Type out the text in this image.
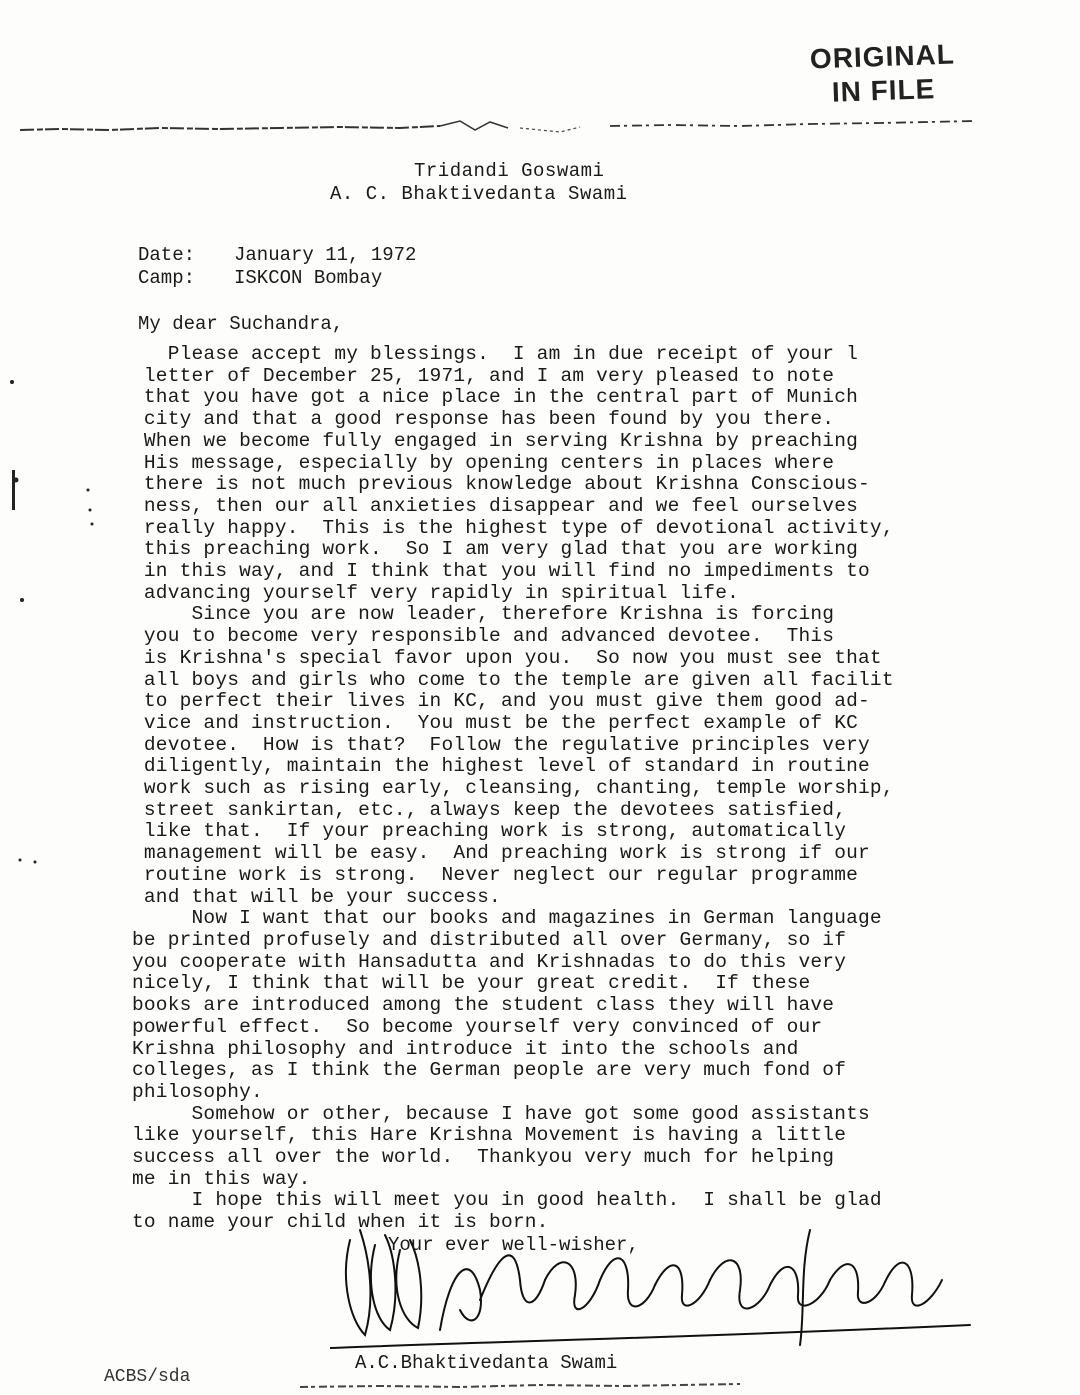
ORIGINAL
IN FILE
Tridandi Goswami
A. C. Bhaktivedanta Swami
Date: January 11, 1972
Camp: ISKCON Bombay
My dear Suchandra,
Please accept my blessings.  I am in due receipt of your l
letter of December 25, 1971, and I am very pleased to note
that you have got a nice place in the central part of Munich
city and that a good response has been found by you there.
When we become fully engaged in serving Krishna by preaching
His message, especially by opening centers in places where
there is not much previous knowledge about Krishna Conscious-
ness, then our all anxieties disappear and we feel ourselves
really happy.  This is the highest type of devotional activity,
this preaching work.  So I am very glad that you are working
in this way, and I think that you will find no impediments to
advancing yourself very rapidly in spiritual life.
Since you are now leader, therefore Krishna is forcing
you to become very responsible and advanced devotee.  This
is Krishna's special favor upon you.  So now you must see that
all boys and girls who come to the temple are given all facilit
to perfect their lives in KC, and you must give them good ad-
vice and instruction.  You must be the perfect example of KC
devotee.  How is that?  Follow the regulative principles very
diligently, maintain the highest level of standard in routine
work such as rising early, cleansing, chanting, temple worship,
street sankirtan, etc., always keep the devotees satisfied,
like that.  If your preaching work is strong, automatically
management will be easy.  And preaching work is strong if our
routine work is strong.  Never neglect our regular programme
and that will be your success.
Now I want that our books and magazines in German language
be printed profusely and distributed all over Germany, so if
you cooperate with Hansadutta and Krishnadas to do this very
nicely, I think that will be your great credit.  If these
books are introduced among the student class they will have
powerful effect.  So become yourself very convinced of our
Krishna philosophy and introduce it into the schools and
colleges, as I think the German people are very much fond of
philosophy.
Somehow or other, because I have got some good assistants
like yourself, this Hare Krishna Movement is having a little
success all over the world.  Thankyou very much for helping
me in this way.
I hope this will meet you in good health.  I shall be glad
to name your child when it is born.
Your ever well-wisher,
A.C.Bhaktivedanta Swami
ACBS/sda
